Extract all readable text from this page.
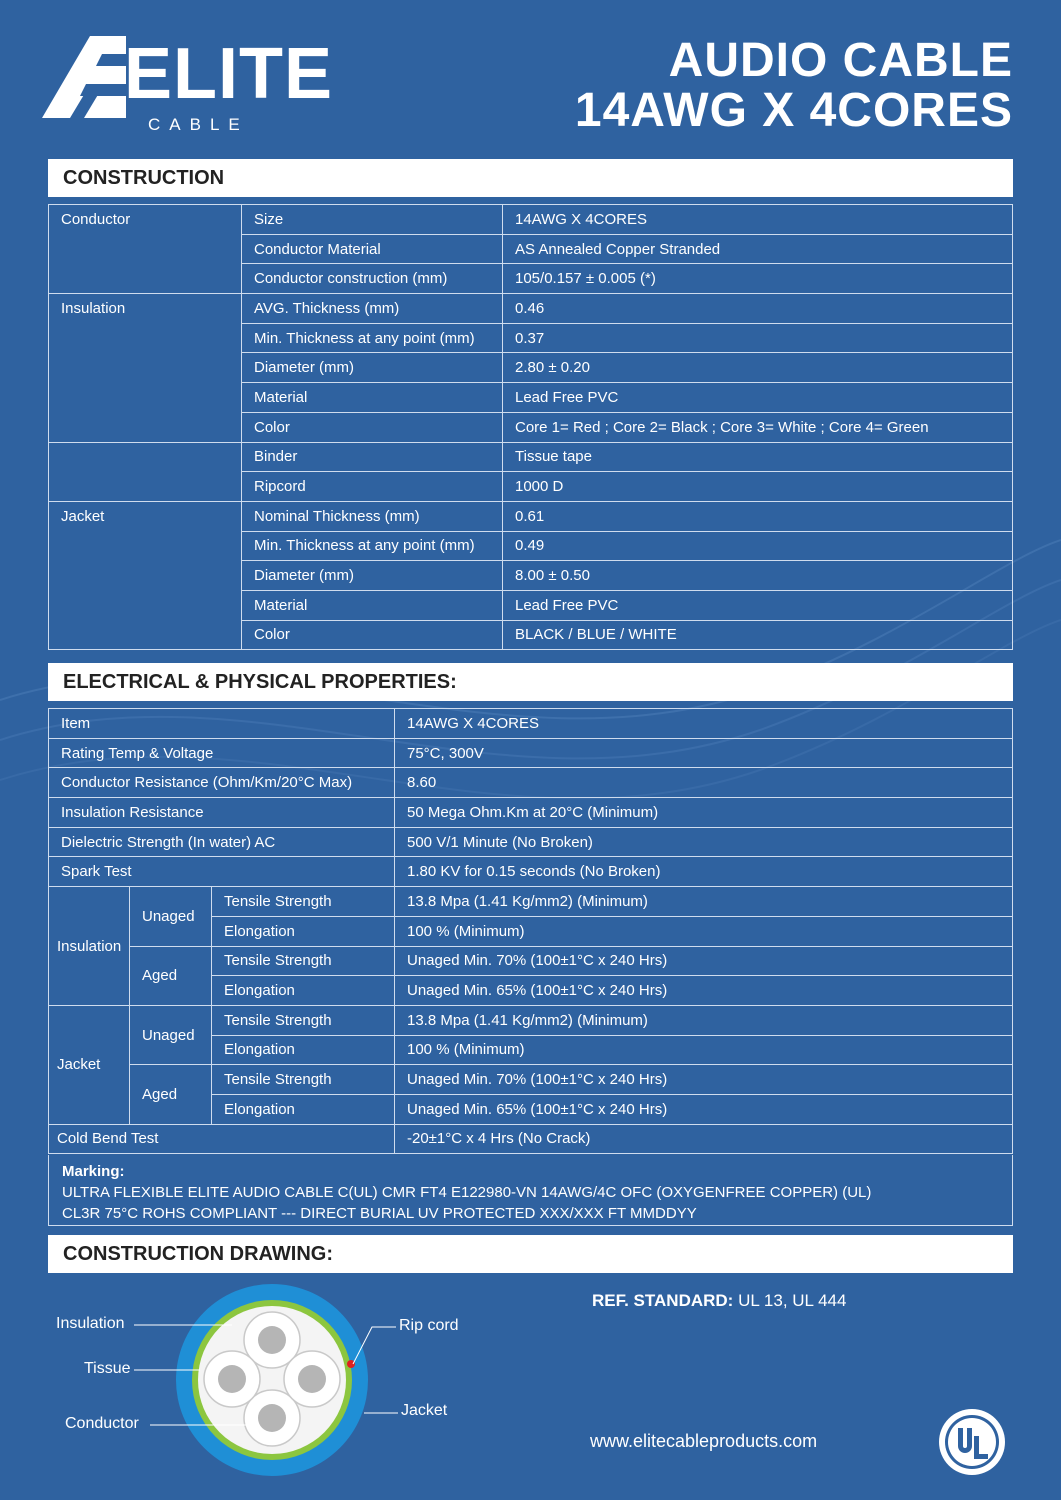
ELITE
CABLE
AUDIO CABLE
14AWG X 4CORES
CONSTRUCTION
Conductor	Size	14AWG X 4CORES
	Conductor Material	AS Annealed Copper Stranded
	Conductor construction (mm)	105/0.157 ± 0.005 (*)
Insulation	AVG. Thickness (mm)	0.46
	Min. Thickness at any point (mm)	0.37
	Diameter (mm)	2.80 ± 0.20
	Material	Lead Free PVC
	Color	Core 1= Red ; Core 2= Black ; Core 3= White ; Core 4= Green
	Binder	Tissue tape
	Ripcord	1000 D
Jacket	Nominal Thickness (mm)	0.61
	Min. Thickness at any point (mm)	0.49
	Diameter (mm)	8.00 ± 0.50
	Material	Lead Free PVC
	Color	BLACK / BLUE / WHITE
ELECTRICAL & PHYSICAL PROPERTIES:
Item			14AWG X 4CORES
Rating Temp & Voltage			75°C, 300V
Conductor Resistance (Ohm/Km/20°C Max)			8.60
Insulation Resistance			50 Mega Ohm.Km at 20°C (Minimum)
Dielectric Strength (In water) AC			500 V/1 Minute (No Broken)
Spark Test			1.80 KV for 0.15 seconds (No Broken)
Insulation	Unaged	Tensile Strength	13.8 Mpa (1.41 Kg/mm2) (Minimum)
		Elongation	100 % (Minimum)
	Aged	Tensile Strength	Unaged Min. 70% (100±1°C x 240 Hrs)
		Elongation	Unaged Min. 65% (100±1°C x 240 Hrs)
Jacket	Unaged	Tensile Strength	13.8 Mpa (1.41 Kg/mm2) (Minimum)
		Elongation	100 % (Minimum)
	Aged	Tensile Strength	Unaged Min. 70% (100±1°C x 240 Hrs)
		Elongation	Unaged Min. 65% (100±1°C x 240 Hrs)
Cold Bend Test			-20±1°C x 4 Hrs (No Crack)
Marking:
ULTRA FLEXIBLE ELITE AUDIO CABLE C(UL) CMR FT4 E122980-VN 14AWG/4C OFC (OXYGENFREE COPPER) (UL)
CL3R 75°C ROHS COMPLIANT --- DIRECT BURIAL UV PROTECTED XXX/XXX FT MMDDYY
CONSTRUCTION DRAWING:
Insulation
Tissue
Conductor
Rip cord
Jacket
REF. STANDARD: UL 13, UL 444
www.elitecableproducts.com
